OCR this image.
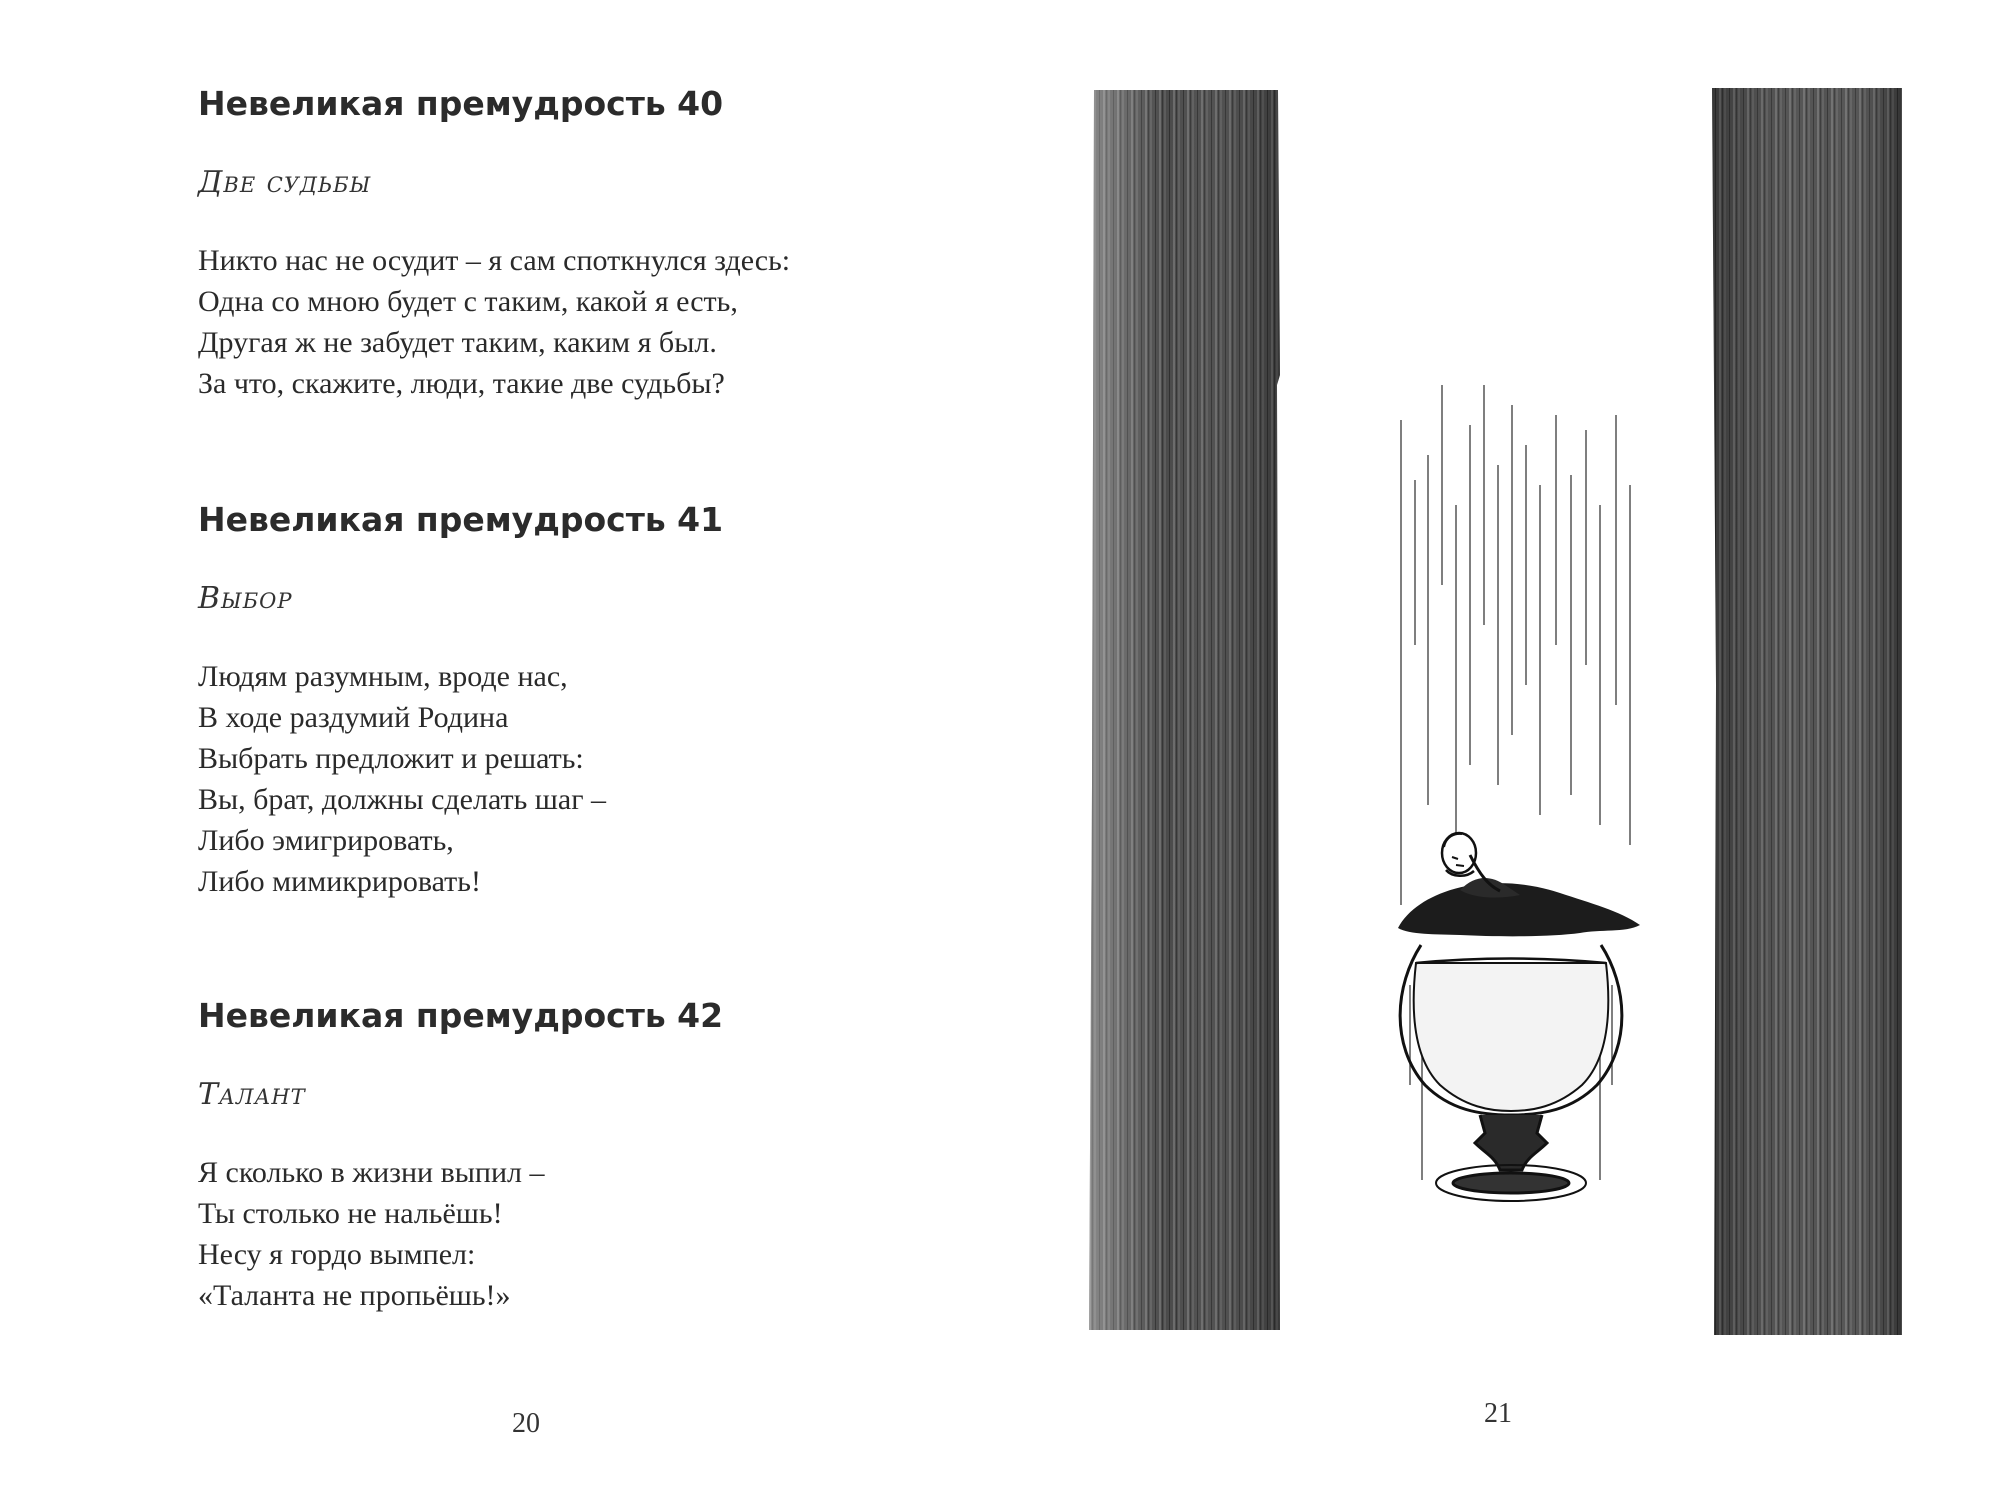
Невеликая премудрость 40
Две судьбы
Никто нас не осудит – я сам споткнулся здесь:
Одна со мною будет с таким, какой я есть,
Другая ж не забудет таким, каким я был.
За что, скажите, люди, такие две судьбы?
Невеликая премудрость 41
Выбор
Людям разумным, вроде нас,
В ходе раздумий Родина
Выбрать предложит и решать:
Вы, брат, должны сделать шаг –
Либо эмигрировать,
Либо мимикрировать!
Невеликая премудрость 42
Талант
Я сколько в жизни выпил –
Ты столько не нальёшь!
Несу я гордо вымпел:
«Таланта не пропьёшь!»
20	21
